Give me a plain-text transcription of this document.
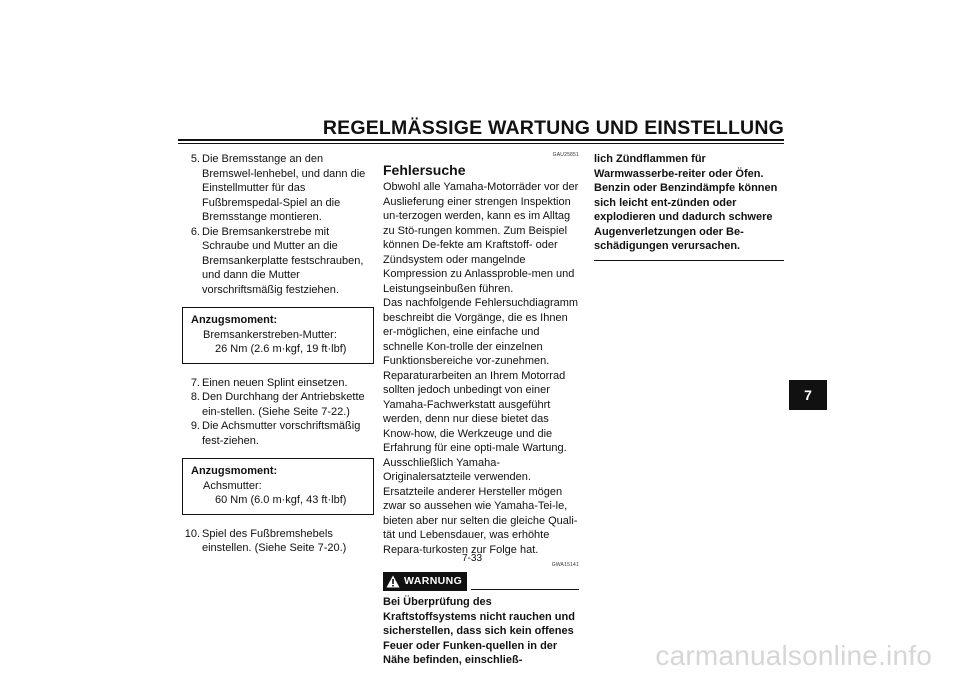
REGELMÄSSIGE WARTUNG UND EINSTELLUNG
5. Die Bremsstange an den Bremswel-lenhebel, und dann die Einstellmutter für das Fußbremspedal-Spiel an die Bremsstange montieren.
6. Die Bremsankerstrebe mit Schraube und Mutter an die Bremsankerplatte festschrauben, und dann die Mutter vorschriftsmäßig festziehen.
Anzugsmoment:
Bremsankerstreben-Mutter:
26 Nm (2.6 m·kgf, 19 ft·lbf)
7. Einen neuen Splint einsetzen.
8. Den Durchhang der Antriebskette ein-stellen. (Siehe Seite 7-22.)
9. Die Achsmutter vorschriftsmäßig fest-ziehen.
Anzugsmoment:
Achsmutter:
60 Nm (6.0 m·kgf, 43 ft·lbf)
10. Spiel des Fußbremshebels einstellen. (Siehe Seite 7-20.)
GAU25851
Fehlersuche
Obwohl alle Yamaha-Motorräder vor der Auslieferung einer strengen Inspektion un-terzogen werden, kann es im Alltag zu Stö-rungen kommen. Zum Beispiel können De-fekte am Kraftstoff- oder Zündsystem oder mangelnde Kompression zu Anlassproble-men und Leistungseinbußen führen.
Das nachfolgende Fehlersuchdiagramm beschreibt die Vorgänge, die es Ihnen er-möglichen, eine einfache und schnelle Kon-trolle der einzelnen Funktionsbereiche vor-zunehmen. Reparaturarbeiten an Ihrem Motorrad sollten jedoch unbedingt von einer Yamaha-Fachwerkstatt ausgeführt werden, denn nur diese bietet das Know-how, die Werkzeuge und die Erfahrung für eine opti-male Wartung.
Ausschließlich Yamaha-Originalersatzteile verwenden. Ersatzteile anderer Hersteller mögen zwar so aussehen wie Yamaha-Tei-le, bieten aber nur selten die gleiche Quali-tät und Lebensdauer, was erhöhte Repara-turkosten zur Folge hat.
GWA15141
WARNUNG
Bei Überprüfung des Kraftstoffsystems nicht rauchen und sicherstellen, dass sich kein offenes Feuer oder Funken-quellen in der Nähe befinden, einschließ-
lich Zündflammen für Warmwasserbe-reiter oder Öfen. Benzin oder Benzindämpfe können sich leicht ent-zünden oder explodieren und dadurch schwere Augenverletzungen oder Be-schädigungen verursachen.
7
7-33
carmanualsonline.info
